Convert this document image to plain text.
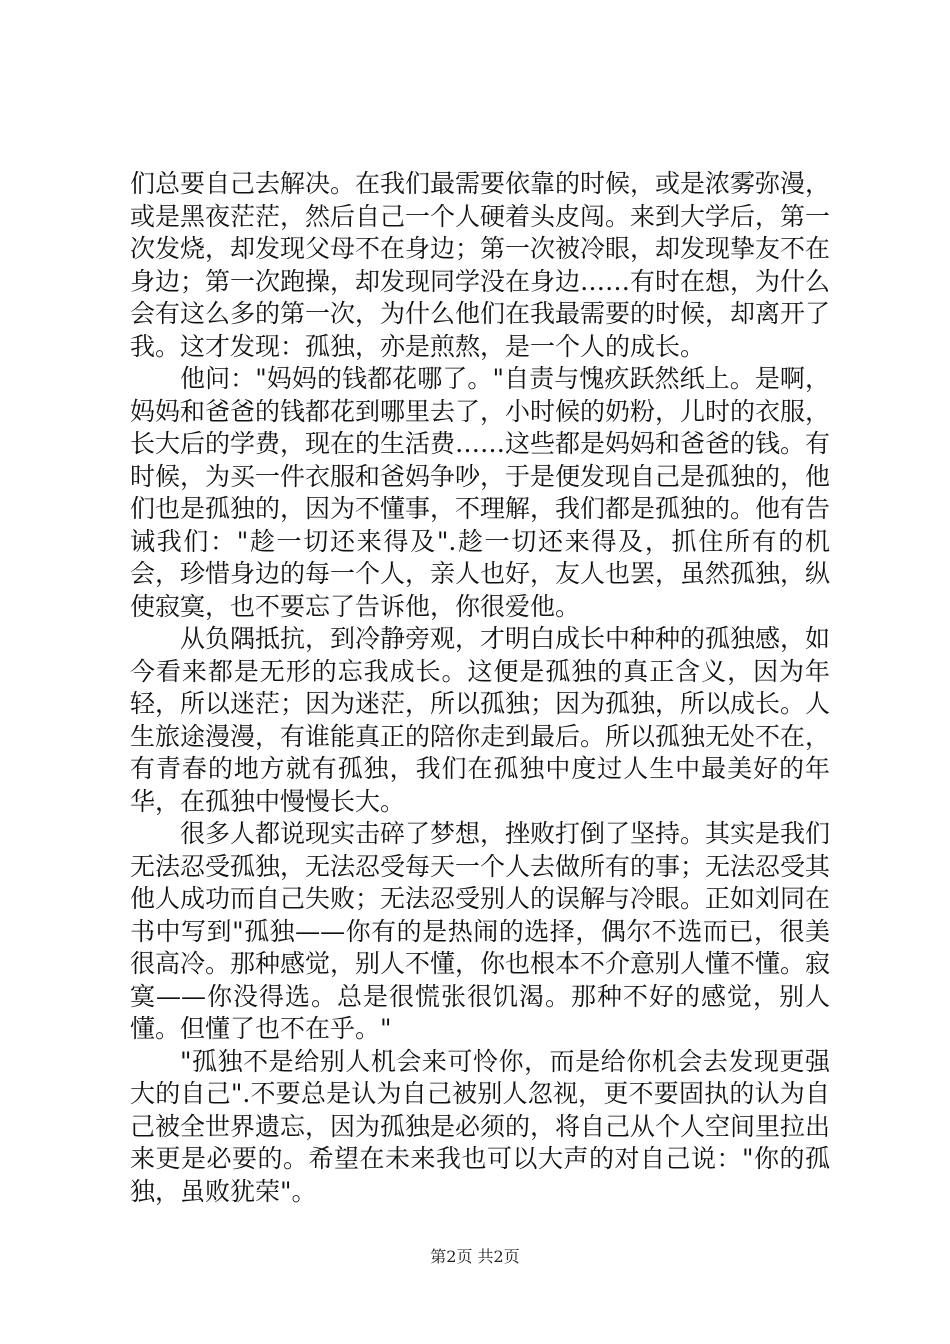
们总要自己去解决。在我们最需要依靠的时候，或是浓雾弥漫，或是黑夜茫茫，然后自己一个人硬着头皮闯。来到大学后，第一次发烧，却发现父母不在身边；第一次被冷眼，却发现挚友不在身边；第一次跑操，却发现同学没在身边……有时在想，为什么会有这么多的第一次，为什么他们在我最需要的时候，却离开了我。这才发现：孤独，亦是煎熬，是一个人的成长。

他问："妈妈的钱都花哪了。"自责与愧疚跃然纸上。是啊，妈妈和爸爸的钱都花到哪里去了，小时候的奶粉，儿时的衣服，长大后的学费，现在的生活费……这些都是妈妈和爸爸的钱。有时候，为买一件衣服和爸妈争吵，于是便发现自己是孤独的，他们也是孤独的，因为不懂事，不理解，我们都是孤独的。他有告诫我们："趁一切还来得及".趁一切还来得及，抓住所有的机会，珍惜身边的每一个人，亲人也好，友人也罢，虽然孤独，纵使寂寞，也不要忘了告诉他，你很爱他。

从负隅抵抗，到冷静旁观，才明白成长中种种的孤独感，如今看来都是无形的忘我成长。这便是孤独的真正含义，因为年轻，所以迷茫；因为迷茫，所以孤独；因为孤独，所以成长。人生旅途漫漫，有谁能真正的陪你走到最后。所以孤独无处不在，有青春的地方就有孤独，我们在孤独中度过人生中最美好的年华，在孤独中慢慢长大。

很多人都说现实击碎了梦想，挫败打倒了坚持。其实是我们无法忍受孤独，无法忍受每天一个人去做所有的事；无法忍受其他人成功而自己失败；无法忍受别人的误解与冷眼。正如刘同在书中写到"孤独——你有的是热闹的选择，偶尔不选而已，很美很高冷。那种感觉，别人不懂，你也根本不介意别人懂不懂。寂寞——你没得选。总是很慌张很饥渴。那种不好的感觉，别人懂。但懂了也不在乎。"

"孤独不是给别人机会来可怜你，而是给你机会去发现更强大的自己".不要总是认为自己被别人忽视，更不要固执的认为自己被全世界遗忘，因为孤独是必须的，将自己从个人空间里拉出来更是必要的。希望在未来我也可以大声的对自己说："你的孤独，虽败犹荣"。

第2页 共2页
